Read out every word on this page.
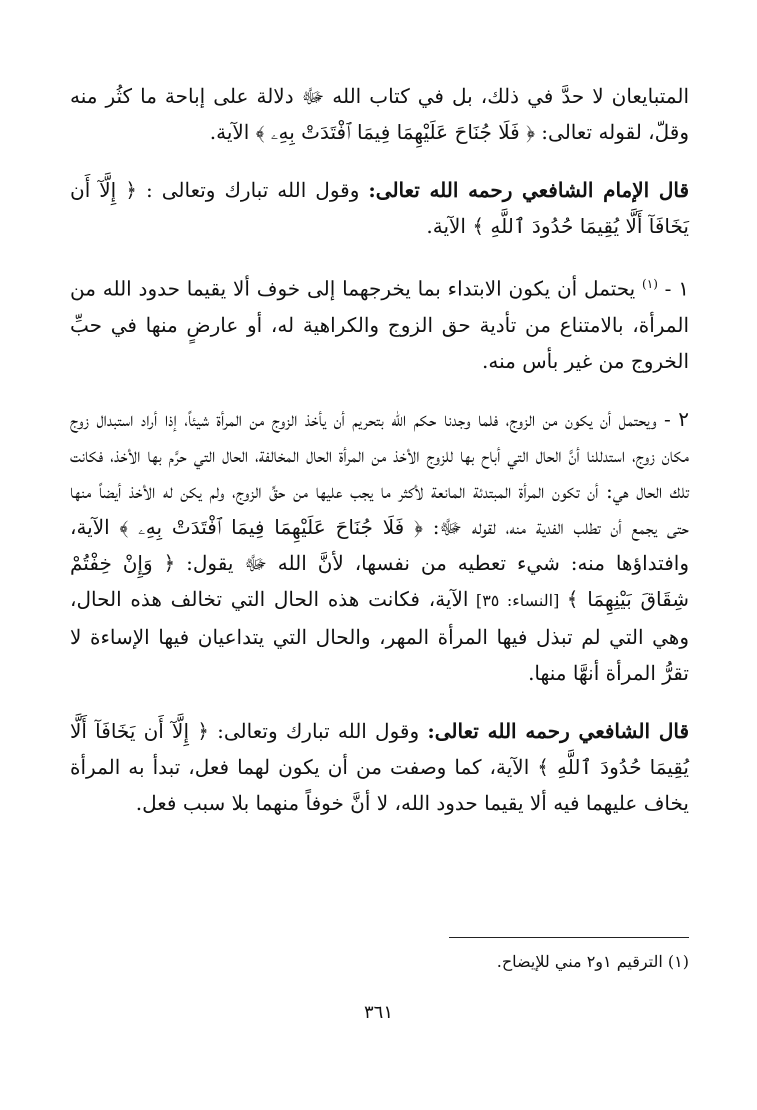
المتبايعان لا حدَّ في ذلك، بل في كتاب الله ﷻ دلالة على إباحة ما كثُر منه وقلّ، لقوله تعالى: ﴿ فَلَا جُنَاحَ عَلَيْهِمَا فِيمَا ٱفْتَدَتْ بِهِۦ ﴾ الآية.

قال الإمام الشافعي رحمه الله تعالى: وقول الله تبارك وتعالى : ﴿ إِلَّآ أَن يَخَافَآ أَلَّا يُقِيمَا حُدُودَ ٱللَّهِ ﴾ الآية.

١ - $^{(١)}$ يحتمل أن يكون الابتداء بما يخرجهما إلى خوف ألا يقيما حدود الله من المرأة، بالامتناع من تأدية حق الزوج والكراهية له، أو عارضٍ منها في حبِّ الخروج من غير بأس منه.

٢ - ويحتمل أن يكون من الزوج، فلما وجدنا حكم الله بتحريم أن يأخذ الزوج من المرأة شيئاً، إذا أراد استبدال زوج مكان زوج، استدللنا أنَّ الحال التي أباح بها للزوج الأخذ من المرأة الحال المخالفة، الحال التي حرَّم بها الأخذ، فكانت تلك الحال هي: أن تكون المرأة المبتدئة المانعة لأكثر ما يجب عليها من حقِّ الزوج، ولم يكن له الأخذ أيضاً منها حتى يجمع أن تطلب الفدية منه، لقوله ﷻ: ﴿ فَلَا جُنَاحَ عَلَيْهِمَا فِيمَا ٱفْتَدَتْ بِهِۦ ﴾ الآية، وافتداؤها منه: شيء تعطيه من نفسها، لأنَّ الله ﷻ يقول: ﴿ وَإِنْ خِفْتُمْ شِقَاقَ بَيْنِهِمَا ﴾ [النساء: ٣٥] الآية، فكانت هذه الحال التي تخالف هذه الحال، وهي التي لم تبذل فيها المرأة المهر، والحال التي يتداعيان فيها الإساءة لا تقرُّ المرأة أنهَّا منها.

قال الشافعي رحمه الله تعالى: وقول الله تبارك وتعالى: ﴿ إِلَّآ أَن يَخَافَآ أَلَّا يُقِيمَا حُدُودَ ٱللَّهِ ﴾ الآية، كما وصفت من أن يكون لهما فعل، تبدأ به المرأة يخاف عليهما فيه ألا يقيما حدود الله، لا أنَّ خوفاً منهما بلا سبب فعل.

(١) الترقيم ١و٢ مني للإيضاح.
٣٦١
